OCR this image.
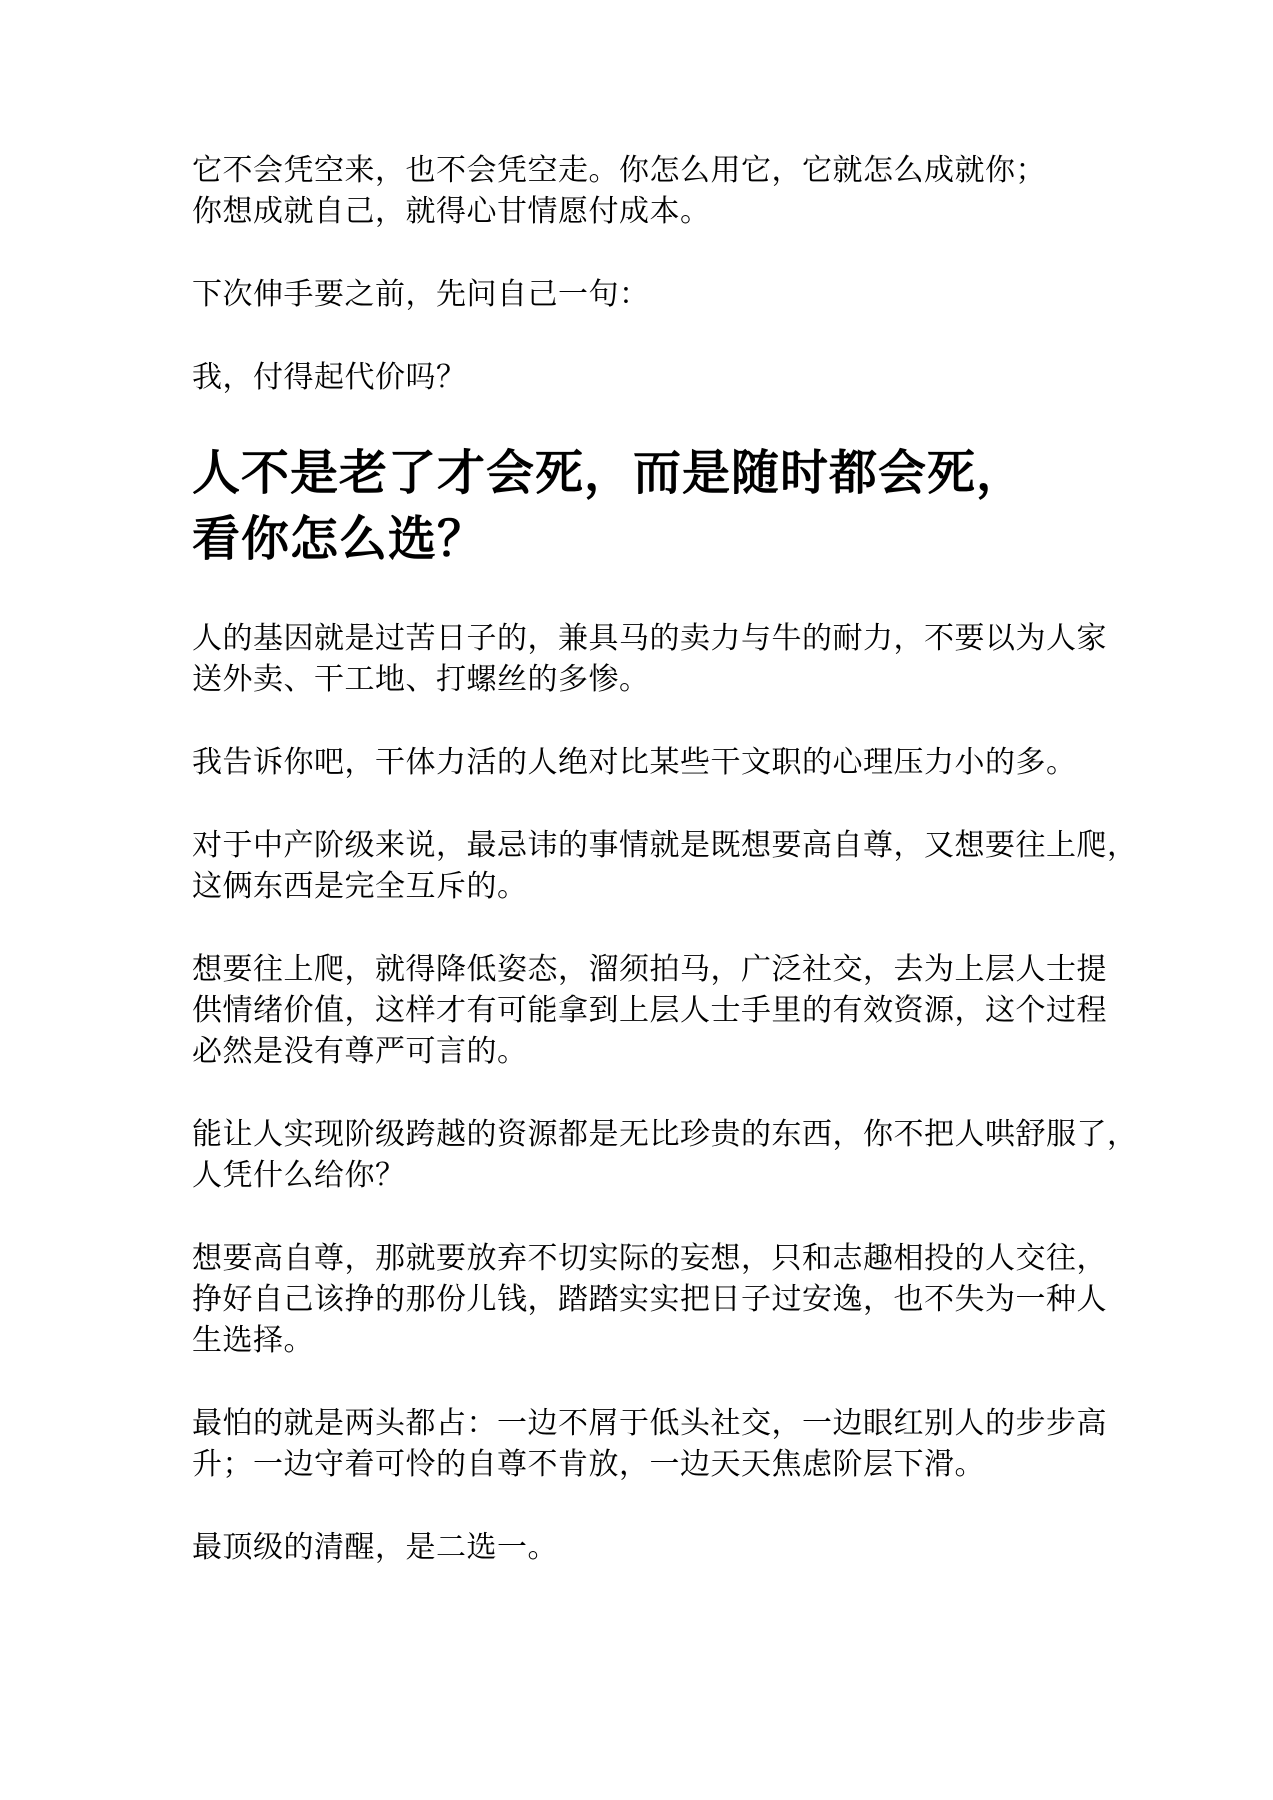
它不会凭空来，也不会凭空走。你怎么用它，它就怎么成就你；
你想成就自己，就得心甘情愿付成本。

下次伸手要之前，先问自己一句：

我，付得起代价吗？

人不是老了才会死，而是随时都会死，
看你怎么选？

人的基因就是过苦日子的，兼具马的卖力与牛的耐力，不要以为人家
送外卖、干工地、打螺丝的多惨。

我告诉你吧，干体力活的人绝对比某些干文职的心理压力小的多。

对于中产阶级来说，最忌讳的事情就是既想要高自尊，又想要往上爬，
这俩东西是完全互斥的。

想要往上爬，就得降低姿态，溜须拍马，广泛社交，去为上层人士提
供情绪价值，这样才有可能拿到上层人士手里的有效资源，这个过程
必然是没有尊严可言的。

能让人实现阶级跨越的资源都是无比珍贵的东西，你不把人哄舒服了，
人凭什么给你？

想要高自尊，那就要放弃不切实际的妄想，只和志趣相投的人交往，
挣好自己该挣的那份儿钱，踏踏实实把日子过安逸，也不失为一种人
生选择。

最怕的就是两头都占：一边不屑于低头社交，一边眼红别人的步步高
升；一边守着可怜的自尊不肯放，一边天天焦虑阶层下滑。

最顶级的清醒，是二选一。
